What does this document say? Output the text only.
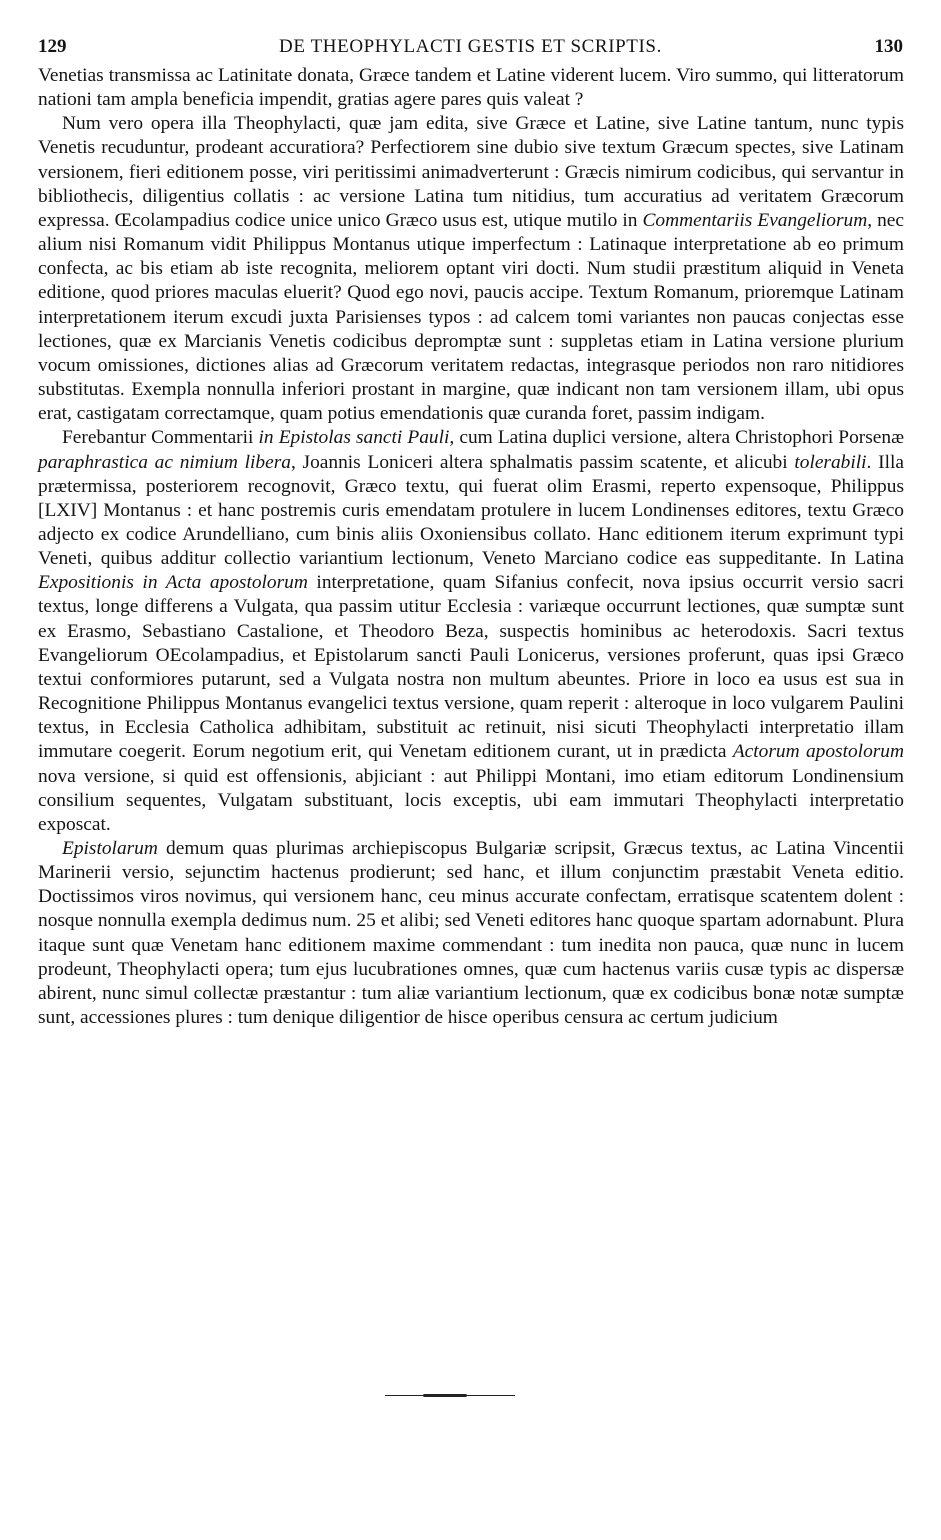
129	DE THEOPHYLACTI GESTIS ET SCRIPTIS.	130

Venetias transmissa ac Latinitate donata, Græce tandem et Latine viderent lucem. Viro summo, qui litteratorum nationi tam ampla beneficia impendit, gratias agere pares quis valeat ?

Num vero opera illa Theophylacti, quæ jam edita, sive Græce et Latine, sive Latine tantum, nunc typis Venetis recuduntur, prodeant accuratiora? Perfectiorem sine dubio sive textum Græcum spectes, sive Latinam versionem, fieri editionem posse, viri peritissimi animadverterunt : Græcis nimirum codicibus, qui servantur in bibliothecis, diligentius collatis : ac versione Latina tum nitidius, tum accuratius ad veritatem Græcorum expressa. Œcolampadius codice unice unico Græco usus est, utique mutilo in Commentariis Evangeliorum, nec alium nisi Romanum vidit Philippus Montanus utique imperfectum : Latinaque interpretatione ab eo primum confecta, ac bis etiam ab iste recognita, meliorem optant viri docti. Num studii præstitum aliquid in Veneta editione, quod priores maculas eluerit? Quod ego novi, paucis accipe. Textum Romanum, prioremque Latinam interpretationem iterum excudi juxta Parisienses typos : ad calcem tomi variantes non paucas conjectas esse lectiones, quæ ex Marcianis Venetis codicibus depromptæ sunt : suppletas etiam in Latina versione plurium vocum omissiones, dictiones alias ad Græcorum veritatem redactas, integrasque periodos non raro nitidiores substitutas. Exempla nonnulla inferiori prostant in margine, quæ indicant non tam versionem illam, ubi opus erat, castigatam correctamque, quam potius emendationis quæ curanda foret, passim indigam.

Ferebantur Commentarii in Epistolas sancti Pauli, cum Latina duplici versione, altera Christophori Porsenæ paraphrastica ac nimium libera, Joannis Loniceri altera sphalmatis passim scatente, et alicubi tolerabili. Illa prætermissa, posteriorem recognovit, Græco textu, qui fuerat olim Erasmi, reperto expensoque, Philippus [LXIV] Montanus : et hanc postremis curis emendatam protulere in lucem Londinenses editores, textu Græco adjecto ex codice Arundelliano, cum binis aliis Oxoniensibus collato. Hanc editionem iterum exprimunt typi Veneti, quibus additur collectio variantium lectionum, Veneto Marciano codice eas suppeditante. In Latina Expositionis in Acta apostolorum interpretatione, quam Sifanius confecit, nova ipsius occurrit versio sacri textus, longe differens a Vulgata, qua passim utitur Ecclesia : variæque occurrunt lectiones, quæ sumptæ sunt ex Erasmo, Sebastiano Castalione, et Theodoro Beza, suspectis hominibus ac heterodoxis. Sacri textus Evangeliorum OEcolampadius, et Epistolarum sancti Pauli Lonicerus, versiones proferunt, quas ipsi Græco textui conformiores putarunt, sed a Vulgata nostra non multum abeuntes. Priore in loco ea usus est sua in Recognitione Philippus Montanus evangelici textus versione, quam reperit : alteroque in loco vulgarem Paulini textus, in Ecclesia Catholica adhibitam, substituit ac retinuit, nisi sicuti Theophylacti interpretatio illam immutare coegerit. Eorum negotium erit, qui Venetam editionem curant, ut in prædicta Actorum apostolorum nova versione, si quid est offensionis, abjiciant : aut Philippi Montani, imo etiam editorum Londinensium consilium sequentes, Vulgatam substituant, locis exceptis, ubi eam immutari Theophylacti interpretatio exposcat.

Epistolarum demum quas plurimas archiepiscopus Bulgariæ scripsit, Græcus textus, ac Latina Vincentii Marinerii versio, sejunctim hactenus prodierunt; sed hanc, et illum conjunctim præstabit Veneta editio. Doctissimos viros novimus, qui versionem hanc, ceu minus accurate confectam, erratisque scatentem dolent : nosque nonnulla exempla dedimus num. 25 et alibi; sed Veneti editores hanc quoque spartam adornabunt. Plura itaque sunt quæ Venetam hanc editionem maxime commendant : tum inedita non pauca, quæ nunc in lucem prodeunt, Theophylacti opera; tum ejus lucubrationes omnes, quæ cum hactenus variis cusæ typis ac dispersæ abirent, nunc simul collectæ præstantur : tum aliæ variantium lectionum, quæ ex codicibus bonæ notæ sumptæ sunt, accessiones plures : tum denique diligentior de hisce operibus censura ac certum judicium
